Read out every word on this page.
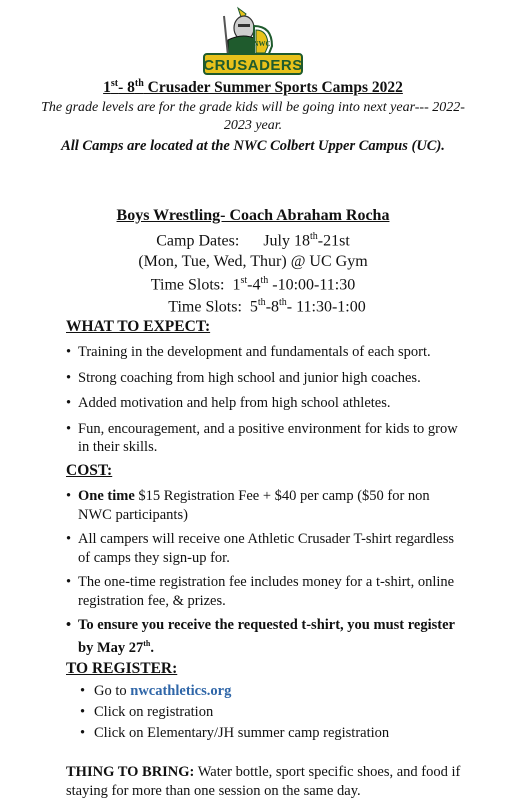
NWC
CRUSADERS
1st- 8th Crusader Summer Sports Camps 2022
The grade levels are for the grade kids will be going into next year--- 2022-2023 year.
All Camps are located at the NWC Colbert Upper Campus (UC).
Boys Wrestling- Coach Abraham Rocha
Camp Dates: July 18th-21st
(Mon, Tue, Wed, Thur) @ UC Gym
Time Slots: 1st-4th -10:00-11:30
Time Slots: 5th-8th- 11:30-1:00
WHAT TO EXPECT:
• Training in the development and fundamentals of each sport.
• Strong coaching from high school and junior high coaches.
• Added motivation and help from high school athletes.
• Fun, encouragement, and a positive environment for kids to grow in their skills.
COST:
• One time $15 Registration Fee + $40 per camp ($50 for non NWC participants)
• All campers will receive one Athletic Crusader T-shirt regardless of camps they sign-up for.
• The one-time registration fee includes money for a t-shirt, online registration fee, & prizes.
• To ensure you receive the requested t-shirt, you must register by May 27th.
TO REGISTER:
• Go to nwcathletics.org
• Click on registration
• Click on Elementary/JH summer camp registration
THING TO BRING: Water bottle, sport specific shoes, and food if staying for more than one session on the same day.
